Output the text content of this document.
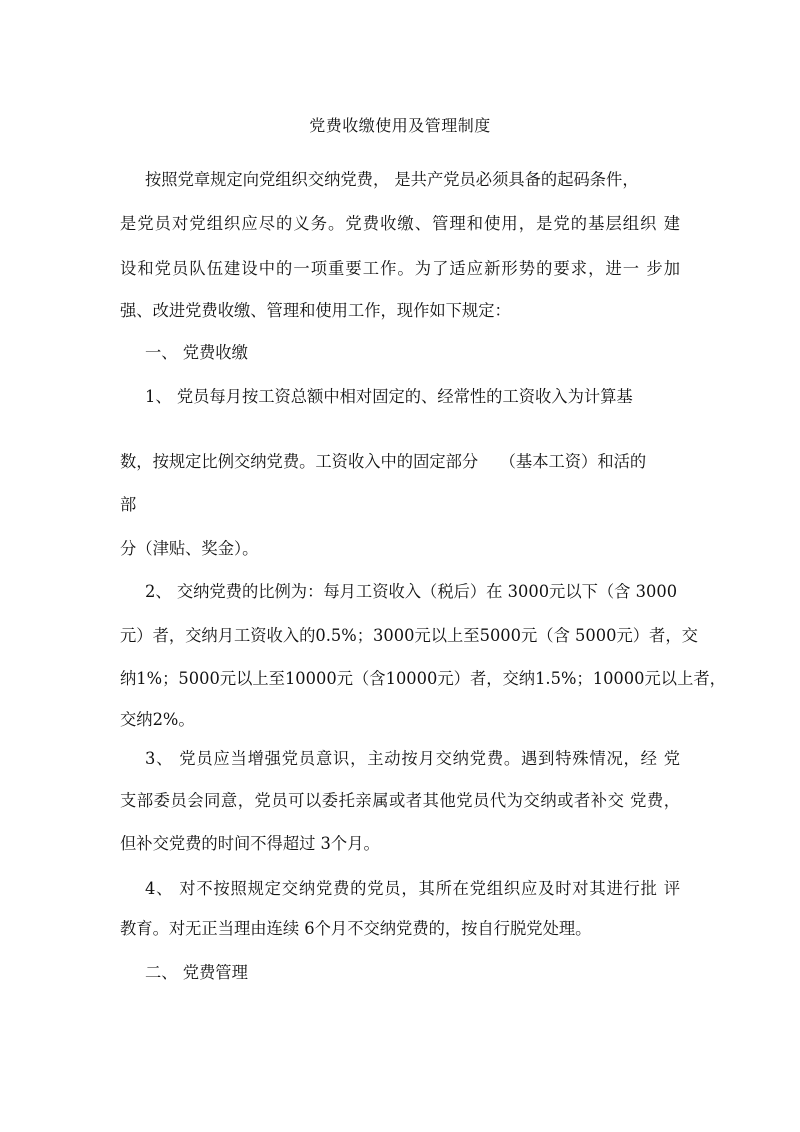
党费收缴使用及管理制度
按照党章规定向党组织交纳党费， 是共产党员必须具备的起码条件，
是党员对党组织应尽的义务。党费收缴、管理和使用，是党的基层组织 建
设和党员队伍建设中的一项重要工作。为了适应新形势的要求，进一 步加
强、改进党费收缴、管理和使用工作，现作如下规定：
一、 党费收缴
1、 党员每月按工资总额中相对固定的、经常性的工资收入为计算基
数，按规定比例交纳党费。工资收入中的固定部分　 （基本工资）和活的
部
分（津贴、奖金）。
2、 交纳党费的比例为：每月工资收入（税后）在 3000元以下（含 3000
元）者，交纳月工资收入的0.5%；3000元以上至5000元（含 5000元）者，交
纳1%；5000元以上至10000元（含10000元）者，交纳1.5%；10000元以上者，
交纳2%。
3、 党员应当增强党员意识，主动按月交纳党费。遇到特殊情况，经 党
支部委员会同意，党员可以委托亲属或者其他党员代为交纳或者补交 党费，
但补交党费的时间不得超过 3个月。
4、 对不按照规定交纳党费的党员，其所在党组织应及时对其进行批 评
教育。对无正当理由连续 6个月不交纳党费的，按自行脱党处理。
二、 党费管理
